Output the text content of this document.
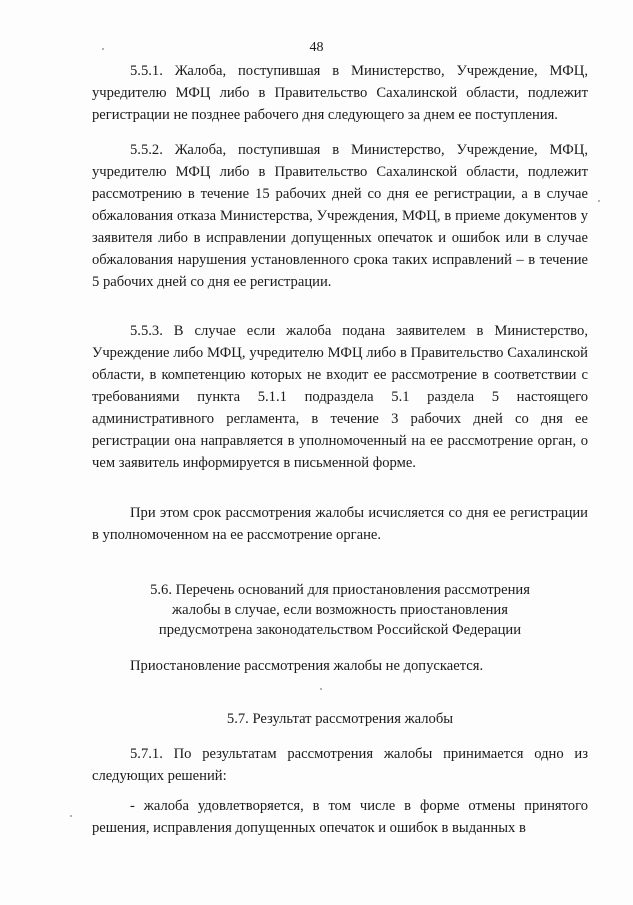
48

5.5.1. Жалоба, поступившая в Министерство, Учреждение, МФЦ, учредителю МФЦ либо в Правительство Сахалинской области, подлежит регистрации не позднее рабочего дня следующего за днем ее поступления.

5.5.2. Жалоба, поступившая в Министерство, Учреждение, МФЦ, учредителю МФЦ либо в Правительство Сахалинской области, подлежит рассмотрению в течение 15 рабочих дней со дня ее регистрации, а в случае обжалования отказа Министерства, Учреждения, МФЦ, в приеме документов у заявителя либо в исправлении допущенных опечаток и ошибок или в случае обжалования нарушения установленного срока таких исправлений – в течение 5 рабочих дней со дня ее регистрации.

5.5.3. В случае если жалоба подана заявителем в Министерство, Учреждение либо МФЦ, учредителю МФЦ либо в Правительство Сахалинской области, в компетенцию которых не входит ее рассмотрение в соответствии с требованиями пункта 5.1.1 подраздела 5.1 раздела 5 настоящего административного регламента, в течение 3 рабочих дней со дня ее регистрации она направляется в уполномоченный на ее рассмотрение орган, о чем заявитель информируется в письменной форме.

При этом срок рассмотрения жалобы исчисляется со дня ее регистрации в уполномоченном на ее рассмотрение органе.

5.6. Перечень оснований для приостановления рассмотрения
жалобы в случае, если возможность приостановления
предусмотрена законодательством Российской Федерации
Приостановление рассмотрения жалобы не допускается.
5.7. Результат рассмотрения жалобы

5.7.1. По результатам рассмотрения жалобы принимается одно из следующих решений:

- жалоба удовлетворяется, в том числе в форме отмены принятого решения, исправления допущенных опечаток и ошибок в выданных в
